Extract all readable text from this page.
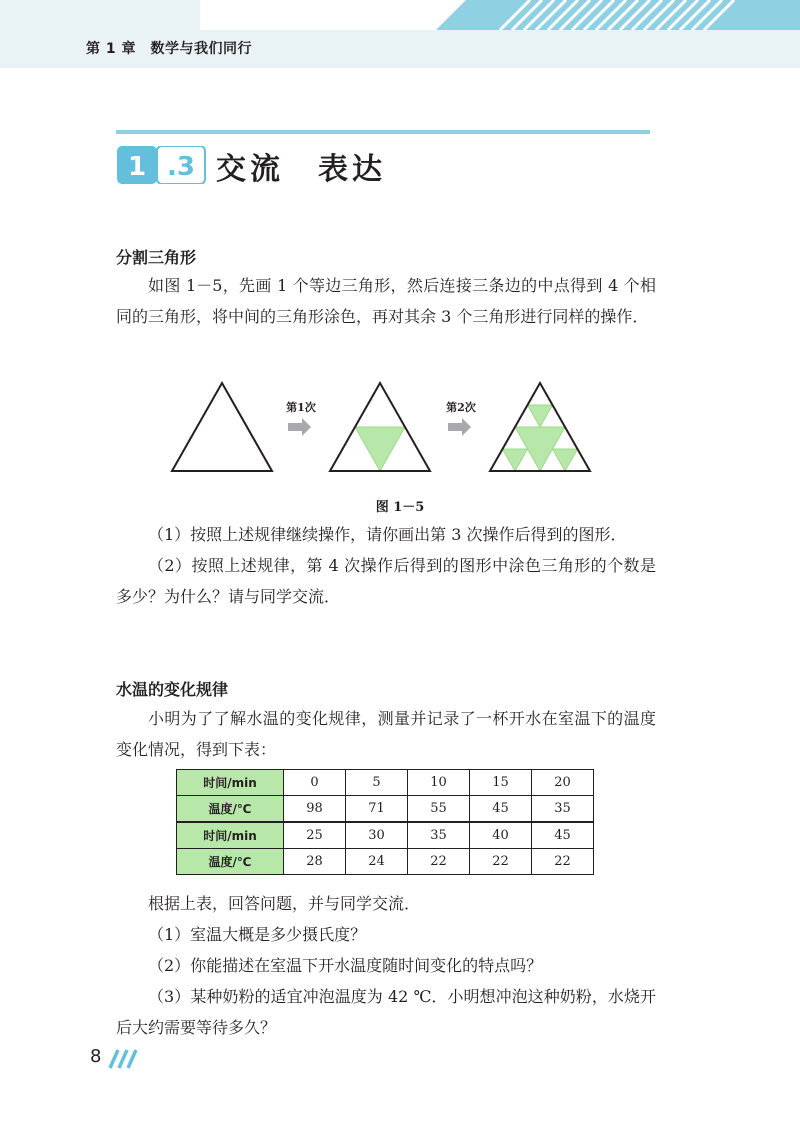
第 1 章　数学与我们同行
1 .3 交流　表达
分割三角形

如图 1－5，先画 1 个等边三角形，然后连接三条边的中点得到 4 个相同的三角形，将中间的三角形涂色，再对其余 3 个三角形进行同样的操作．

第1次	第2次
图 1－5

（1）按照上述规律继续操作，请你画出第 3 次操作后得到的图形．

（2）按照上述规律，第 4 次操作后得到的图形中涂色三角形的个数是多少？为什么？请与同学交流．

水温的变化规律

小明为了了解水温的变化规律，测量并记录了一杯开水在室温下的温度变化情况，得到下表：

时间/min	0	5	10	15	20
温度/℃	98	71	55	45	35
时间/min	25	30	35	40	45
温度/℃	28	24	22	22	22

根据上表，回答问题，并与同学交流．

（1）室温大概是多少摄氏度？

（2）你能描述在室温下开水温度随时间变化的特点吗？

（3）某种奶粉的适宜冲泡温度为 42 ℃．小明想冲泡这种奶粉，水烧开后大约需要等待多久？

8
